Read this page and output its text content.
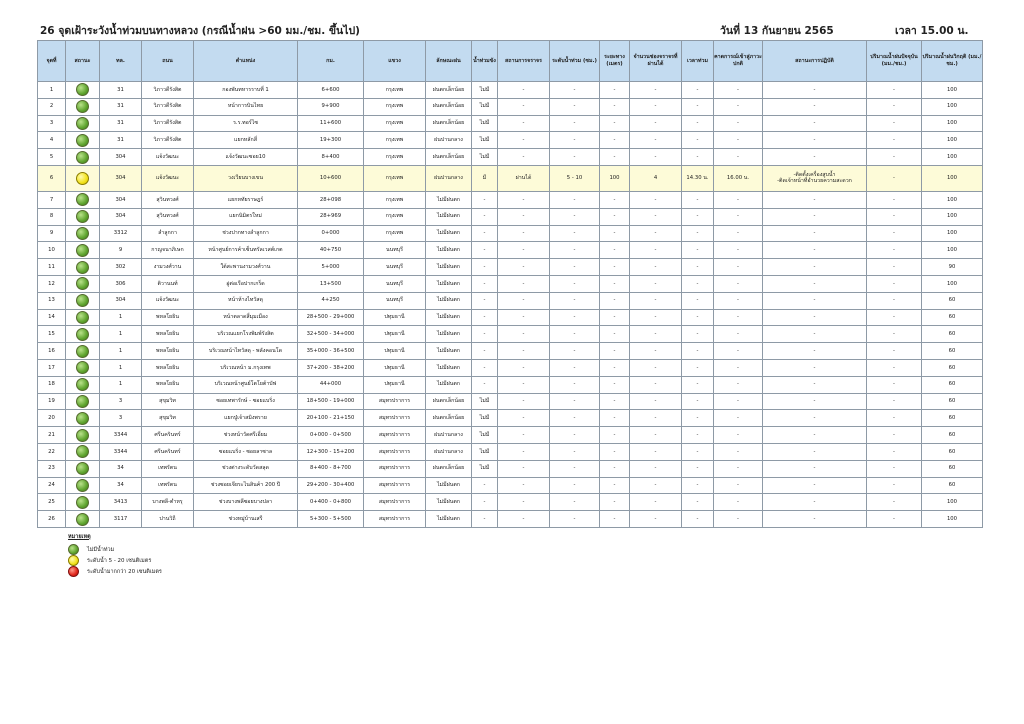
26 จุดเฝ้าระวังน้ำท่วมบนทางหลวง (กรณีน้ำฝน >60 มม./ชม. ขึ้นไป)	วันที่ 13 กันยายน 2565	เวลา 15.00 น.
จุดที่	สถานะ	ทล.	ถนน	ตำแหน่ง	กม.	แขวง	ลักษณะฝน	น้ำท่วมขัง	สถานการจราจร	ระดับน้ำท่วม (ซม.)	ระยะทาง (เมตร)	จำนวนช่องจราจรที่ผ่านได้	เวลาท่วม	คาดการณ์เข้าสู่ภาวะปกติ	สถานะการปฏิบัติ	ปริมาณน้ำฝนปัจจุบัน (มม./ชม.)	ปริมาณน้ำฝนวิกฤติ (มม./ชม.)
1		31	วิภาวดีรังสิต	กองพันทหารราบที่ 1	6+600	กรุงเทพ	ฝนตกเล็กน้อย	ไม่มี	-	-	-	-	-	-	-	-	100
2		31	วิภาวดีรังสิต	หน้าการบินไทย	9+900	กรุงเทพ	ฝนตกเล็กน้อย	ไม่มี	-	-	-	-	-	-	-	-	100
3		31	วิภาวดีรังสิต	ร.ร.ทอร์ไซ	11+600	กรุงเทพ	ฝนตกเล็กน้อย	ไม่มี	-	-	-	-	-	-	-	-	100
4		31	วิภาวดีรังสิต	แยกหลักสี่	19+300	กรุงเทพ	ฝนปานกลาง	ไม่มี	-	-	-	-	-	-	-	-	100
5		304	แจ้งวัฒนะ	แจ้งวัฒนะซอย10	8+400	กรุงเทพ	ฝนตกเล็กน้อย	ไม่มี	-	-	-	-	-	-	-	-	100
6		304	แจ้งวัฒนะ	วงเวียนบางเขน	10+600	กรุงเทพ	ฝนปานกลาง	มี	ผ่านได้	5 - 10	100	4	14.30 น.	16.00 น.	-ติดตั้งเครื่องสูบน้ำ
-ติดเจ้าหน้าที่อำนวยความสะดวก	-	100
7		304	สุวินทวงศ์	แยกหทัยราษฎร์	28+098	กรุงเทพ	ไม่มีฝนตก	-	-	-	-	-	-	-	-	-	100
8		304	สุวินทวงศ์	แยกนิมิตรใหม่	28+969	กรุงเทพ	ไม่มีฝนตก	-	-	-	-	-	-	-	-	-	100
9		3312	ลำลูกกา	ช่วงปากทางลำลูกกา	0+000	กรุงเทพ	ไม่มีฝนตก	-	-	-	-	-	-	-	-	-	100
10		9	กาญจนาภิเษก	หน้าศูนย์การค้าเซ็นทรัลเวสต์เกต	40+750	นนทบุรี	ไม่มีฝนตก	-	-	-	-	-	-	-	-	-	100
11		302	งามวงศ์วาน	ใต้สะพานงามวงศ์วาน	5+000	นนทบุรี	ไม่มีฝนตก	-	-	-	-	-	-	-	-	-	90
12		306	ติวานนท์	อู่ต่อเรือปากเกร็ด	13+500	นนทบุรี	ไม่มีฝนตก	-	-	-	-	-	-	-	-	-	100
13		304	แจ้งวัฒนะ	หน้าห้างไทวัสดุ	4+250	นนทบุรี	ไม่มีฝนตก	-	-	-	-	-	-	-	-	-	60
14		1	พหลโยธิน	หน้าตลาดสี่มุมเมือง	28+500 - 29+000	ปทุมธานี	ไม่มีฝนตก	-	-	-	-	-	-	-	-	-	60
15		1	พหลโยธิน	บริเวณแยกโรงพิมพ์รังสิต	32+500 - 34+000	ปทุมธานี	ไม่มีฝนตก	-	-	-	-	-	-	-	-	-	60
16		1	พหลโยธิน	บริเวณหน้าไทวัสดุ - พลังคอนโด	35+000 - 36+500	ปทุมธานี	ไม่มีฝนตก	-	-	-	-	-	-	-	-	-	60
17		1	พหลโยธิน	บริเวณหน้า ม.กรุงเทพ	37+200 - 38+200	ปทุมธานี	ไม่มีฝนตก	-	-	-	-	-	-	-	-	-	60
18		1	พหลโยธิน	บริเวณหน้าศูนย์โตโยต้าบัฟ	44+000	ปทุมธานี	ไม่มีฝนตก	-	-	-	-	-	-	-	-	-	60
19		3	สุขุมวิท	ซอยเทพารักษ์ - ซอยแบริ่ง	18+500 - 19+000	สมุทรปราการ	ฝนตกเล็กน้อย	ไม่มี	-	-	-	-	-	-	-	-	60
20		3	สุขุมวิท	แยกปู่เจ้าสมิงพราย	20+100 - 21+150	สมุทรปราการ	ฝนตกเล็กน้อย	ไม่มี	-	-	-	-	-	-	-	-	60
21		3344	ศรีนครินทร์	ช่วงหน้าวัดศรีเอี่ยม	0+000 - 0+500	สมุทรปราการ	ฝนปานกลาง	ไม่มี	-	-	-	-	-	-	-	-	60
22		3344	ศรีนครินทร์	ซอยแบริ่ง - ซอยลาซาล	12+300 - 15+200	สมุทรปราการ	ฝนปานกลาง	ไม่มี	-	-	-	-	-	-	-	-	60
23		34	เทพรัตน	ช่วงต่างระดับวัดสลุด	8+400 - 8+700	สมุทรปราการ	ฝนตกเล็กน้อย	ไม่มี	-	-	-	-	-	-	-	-	60
24		34	เทพรัตน	ช่วงซอยเจียระไนสินค้า 200 ปี	29+200 - 30+400	สมุทรปราการ	ไม่มีฝนตก	-	-	-	-	-	-	-	-	-	60
25		3413	บางพลี-ตำหรุ	ช่วงบางพลีซอยบางปลา	0+400 - 0+800	สมุทรปราการ	ไม่มีฝนตก	-	-	-	-	-	-	-	-	-	100
26		3117	ปานวิถี	ช่วงหมู่บ้านเสรี	5+300 - 5+500	สมุทรปราการ	ไม่มีฝนตก	-	-	-	-	-	-	-	-	-	100
หมายเหตุ
ไม่มีน้ำท่วม
ระดับน้ำ 5 - 20 เซนติเมตร
ระดับน้ำมากกว่า 20 เซนติเมตร
